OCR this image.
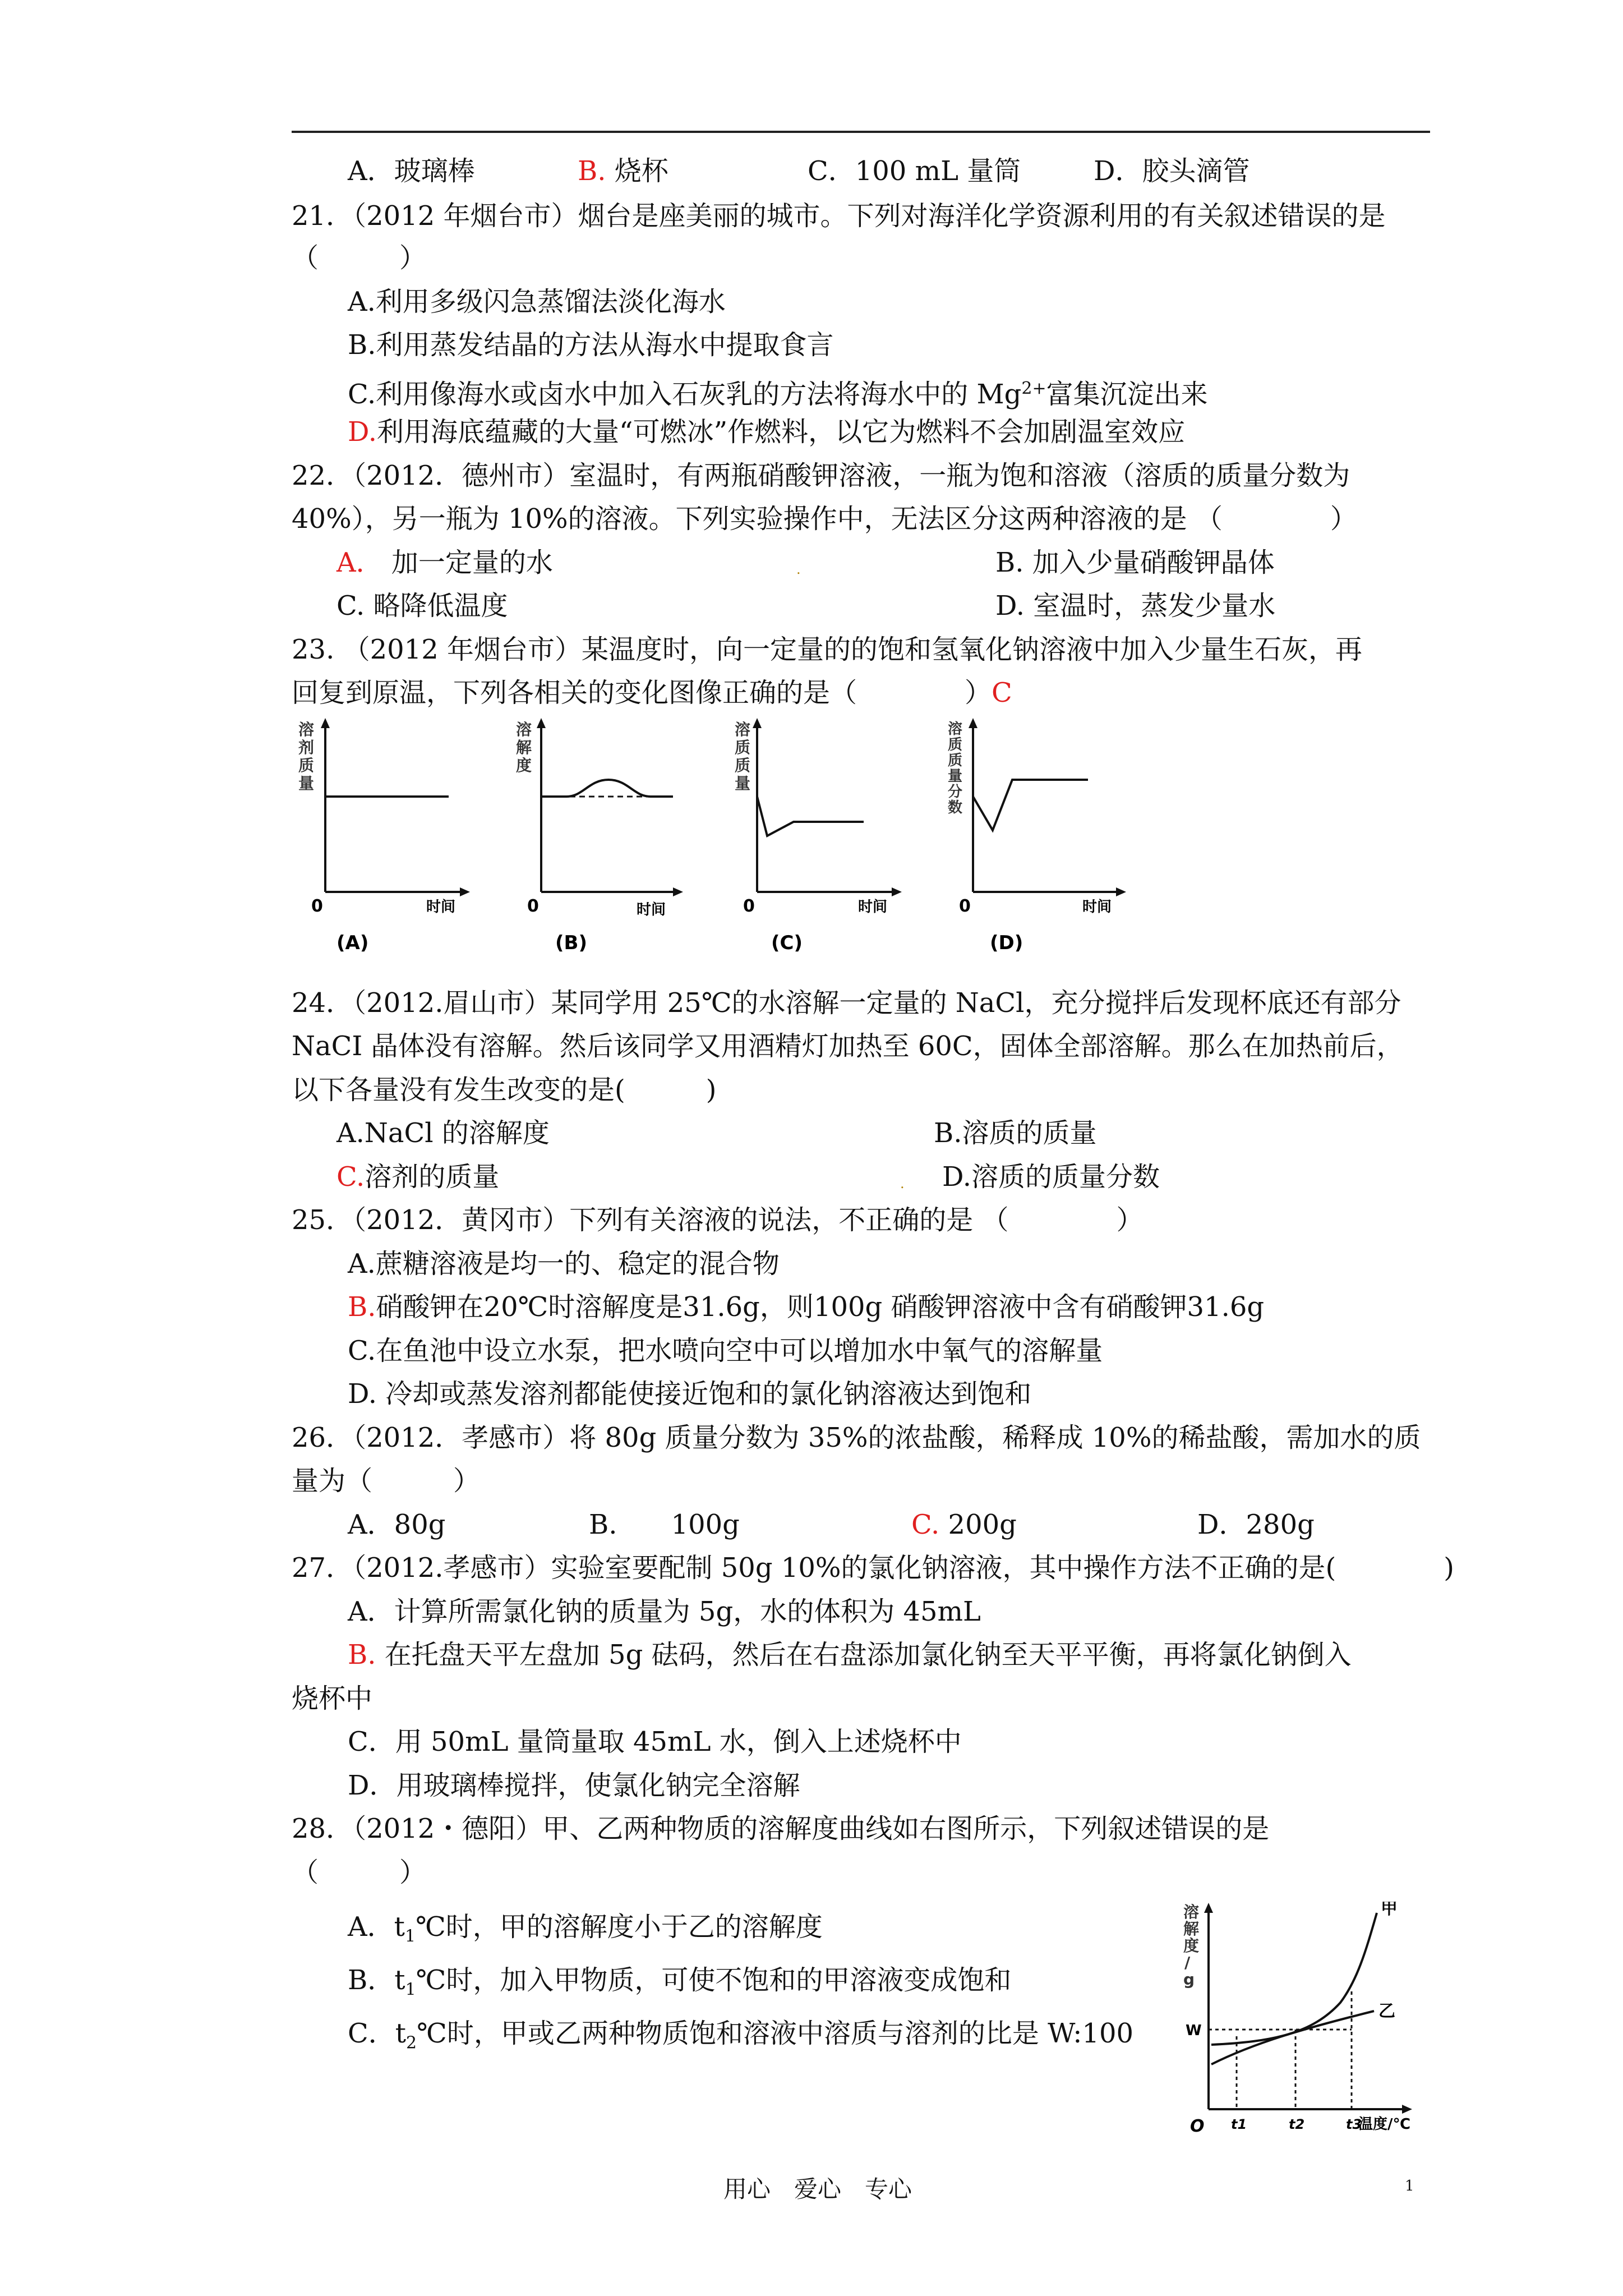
A．玻璃棒	B. 烧杯	C．100 mL 量筒	D．胶头滴管
21．（2012 年烟台市）烟台是座美丽的城市。下列对海洋化学资源利用的有关叙述错误的是
（　　　）
A.利用多级闪急蒸馏法淡化海水
B.利用蒸发结晶的方法从海水中提取食言
C.利用像海水或卤水中加入石灰乳的方法将海水中的 $Mg^{2+}$富集沉淀出来
D.利用海底蕴藏的大量“可燃冰”作燃料，以它为燃料不会加剧温室效应
22．（2012．德州市）室温时，有两瓶硝酸钾溶液，一瓶为饱和溶液（溶质的质量分数为
40%），另一瓶为 10%的溶液。下列实验操作中，无法区分这两种溶液的是 （　　　　）
A． 加一定量的水	.	B. 加入少量硝酸钾晶体
C. 略降低温度	D. 室温时，蒸发少量水
23. （2012 年烟台市）某温度时，向一定量的的饱和氢氧化钠溶液中加入少量生石灰，再
回复到原温，下列各相关的变化图像正确的是（　　　　）C
溶
剂
质
量
0	时间
(A)
溶
解
度
0	时间
(B)
溶
质
质
量
0	时间
(C)
溶
质
质
量
分
数
0	时间
(D)
24．（2012.眉山市）某同学用 25℃的水溶解一定量的 NaCl，充分搅拌后发现杯底还有部分
NaCI 晶体没有溶解。然后该同学又用酒精灯加热至 60C，固体全部溶解。那么在加热前后，
以下各量没有发生改变的是(　　　)
A.NaCl 的溶解度	B.溶质的质量
C.溶剂的质量	. D.溶质的质量分数
25．（2012．黄冈市）下列有关溶液的说法，不正确的是 （　　　　）
A.蔗糖溶液是均一的、稳定的混合物
B.硝酸钾在20℃时溶解度是31.6g，则100g 硝酸钾溶液中含有硝酸钾31.6g
C.在鱼池中设立水泵，把水喷向空中可以增加水中氧气的溶解量
D. 冷却或蒸发溶剂都能使接近饱和的氯化钠溶液达到饱和
26．（2012．孝感市）将 80g 质量分数为 35%的浓盐酸，稀释成 10%的稀盐酸，需加水的质
量为（　　　）
A．80g	B.　　100g	C. 200g	D．280g
27．（2012.孝感市）实验室要配制 50g 10%的氯化钠溶液，其中操作方法不正确的是(　　　　)
A．计算所需氯化钠的质量为 5g，水的体积为 45mL
B. 在托盘天平左盘加 5g 砝码，然后在右盘添加氯化钠至天平平衡，再将氯化钠倒入
烧杯中
C．用 50mL 量筒量取 45mL 水，倒入上述烧杯中
D．用玻璃棒搅拌，使氯化钠完全溶解
28．（2012・德阳）甲、乙两种物质的溶解度曲线如右图所示，下列叙述错误的是
（　　　）
A．$t_1℃$时，甲的溶解度小于乙的溶解度
B．$t_1℃$时，加入甲物质，可使不饱和的甲溶液变成饱和
C．$t_2℃$时，甲或乙两种物质饱和溶液中溶质与溶剂的比是 W:100
溶
解
度
/
g
甲
乙
W
O t1	t2	t3
温度/℃
用心　爱心　专心	1
